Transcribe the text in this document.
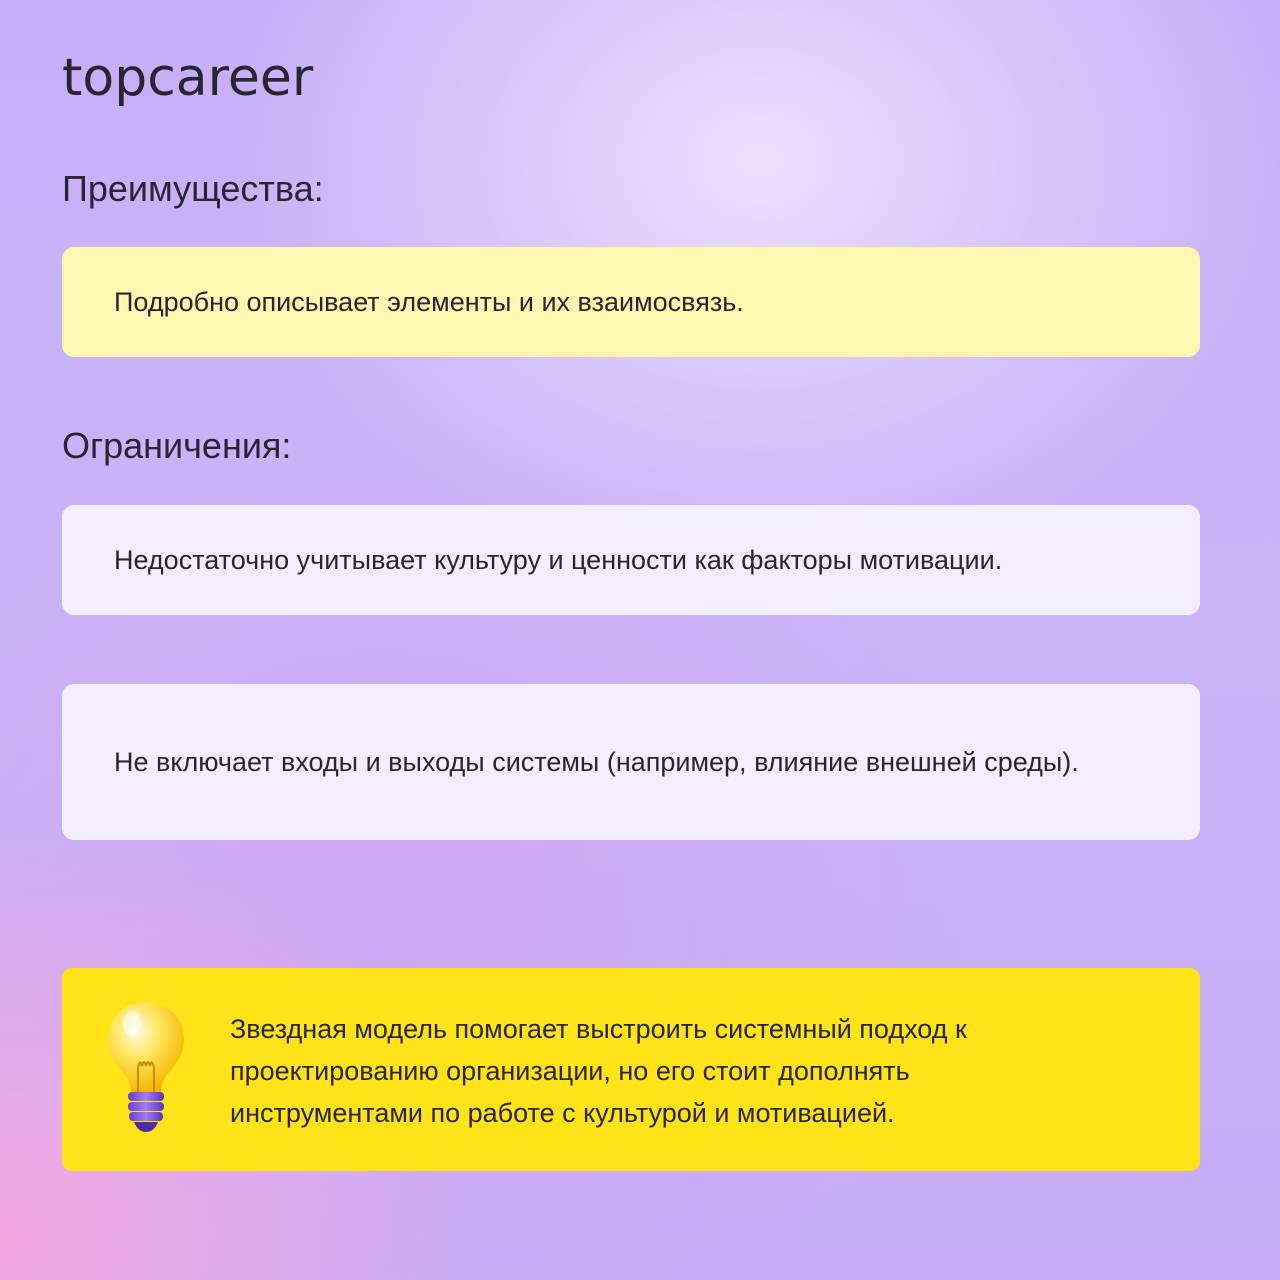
topcareer
Преимущества:
Подробно описывает элементы и их взаимосвязь.
Ограничения:
Недостаточно учитывает культуру и ценности как факторы мотивации.
Не включает входы и выходы системы (например, влияние внешней среды).
Звездная модель помогает выстроить системный подход к проектированию организации, но его стоит дополнять инструментами по работе с культурой и мотивацией.
